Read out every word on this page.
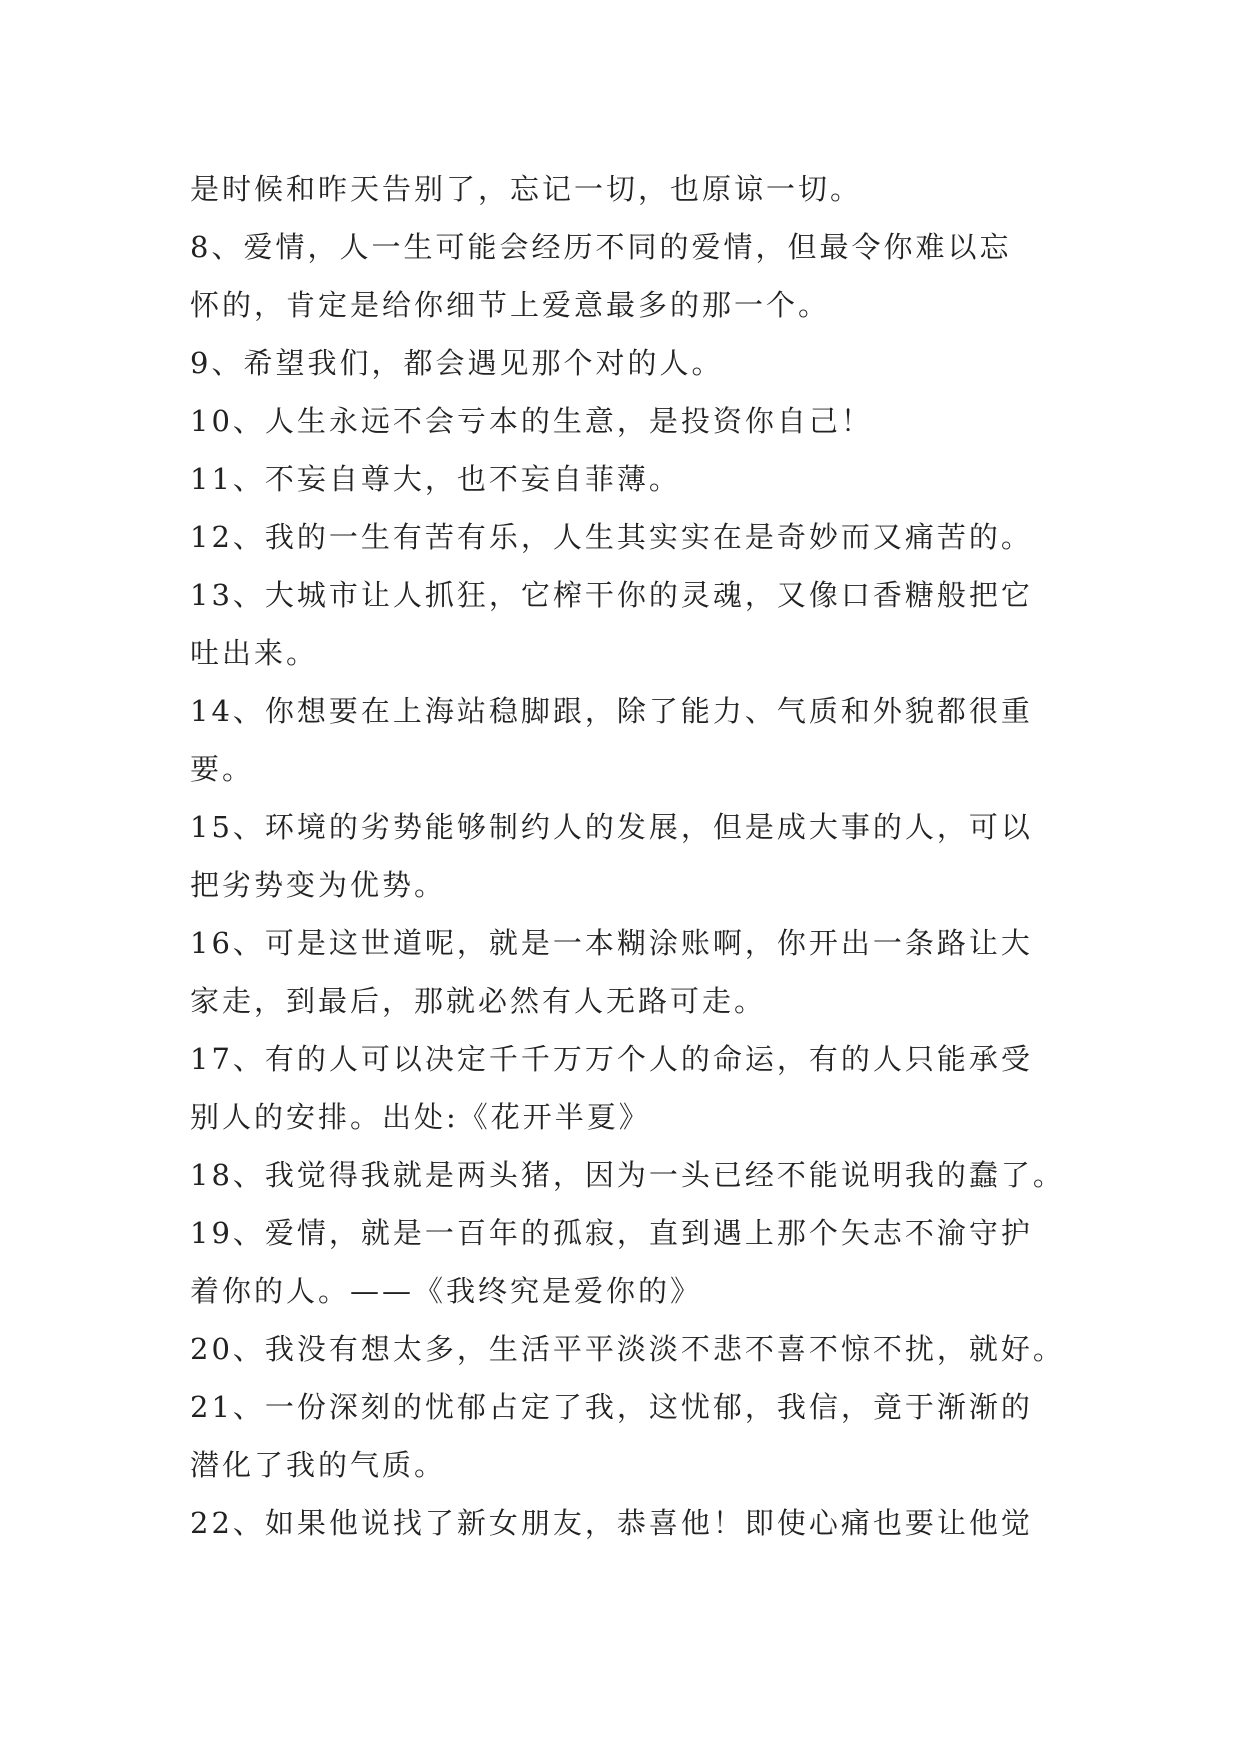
是时候和昨天告别了，忘记一切，也原谅一切。
8、爱情，人一生可能会经历不同的爱情，但最令你难以忘
怀的，肯定是给你细节上爱意最多的那一个。
9、希望我们，都会遇见那个对的人。
10、人生永远不会亏本的生意，是投资你自己！
11、不妄自尊大，也不妄自菲薄。
12、我的一生有苦有乐，人生其实实在是奇妙而又痛苦的。
13、大城市让人抓狂，它榨干你的灵魂，又像口香糖般把它
吐出来。
14、你想要在上海站稳脚跟，除了能力、气质和外貌都很重
要。
15、环境的劣势能够制约人的发展，但是成大事的人，可以
把劣势变为优势。
16、可是这世道呢，就是一本糊涂账啊，你开出一条路让大
家走，到最后，那就必然有人无路可走。
17、有的人可以决定千千万万个人的命运，有的人只能承受
别人的安排。出处:《花开半夏》
18、我觉得我就是两头猪，因为一头已经不能说明我的蠢了。
19、爱情，就是一百年的孤寂，直到遇上那个矢志不渝守护
着你的人。——《我终究是爱你的》
20、我没有想太多，生活平平淡淡不悲不喜不惊不扰，就好。
21、一份深刻的忧郁占定了我，这忧郁，我信，竟于渐渐的
潜化了我的气质。
22、如果他说找了新女朋友，恭喜他！即使心痛也要让他觉
